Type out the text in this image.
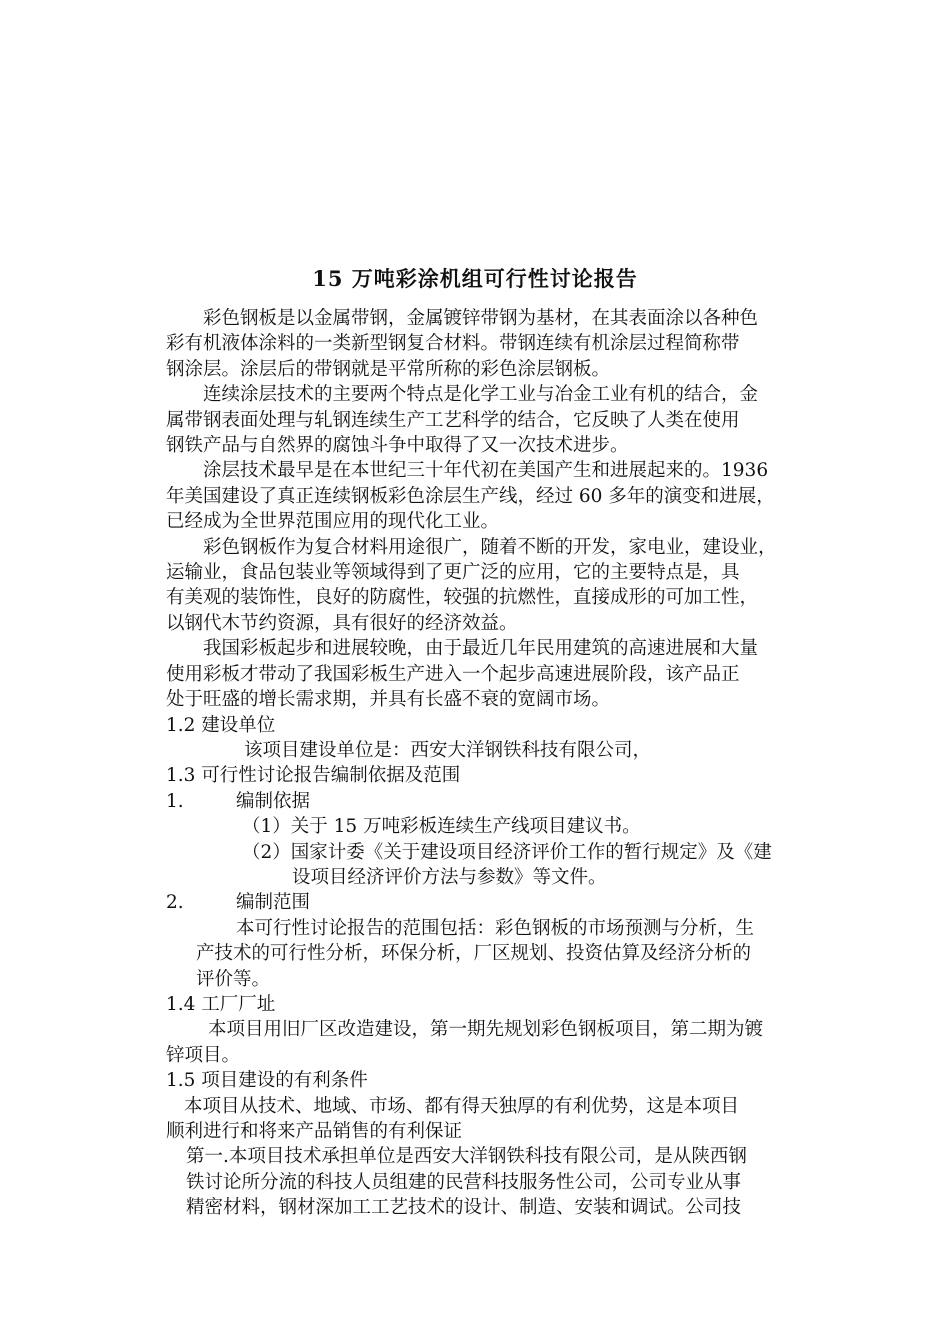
15 万吨彩涂机组可行性讨论报告
彩色钢板是以金属带钢，金属镀锌带钢为基材，在其表面涂以各种色
彩有机液体涂料的一类新型钢复合材料。带钢连续有机涂层过程简称带
钢涂层。涂层后的带钢就是平常所称的彩色涂层钢板。
连续涂层技术的主要两个特点是化学工业与冶金工业有机的结合，金
属带钢表面处理与轧钢连续生产工艺科学的结合，它反映了人类在使用
钢铁产品与自然界的腐蚀斗争中取得了又一次技术进步。
涂层技术最早是在本世纪三十年代初在美国产生和进展起来的。1936
年美国建设了真正连续钢板彩色涂层生产线，经过 60 多年的演变和进展，
已经成为全世界范围应用的现代化工业。
彩色钢板作为复合材料用途很广，随着不断的开发，家电业，建设业，
运输业，食品包装业等领域得到了更广泛的应用，它的主要特点是，具
有美观的装饰性，良好的防腐性，较强的抗燃性，直接成形的可加工性，
以钢代木节约资源，具有很好的经济效益。
我国彩板起步和进展较晚，由于最近几年民用建筑的高速进展和大量
使用彩板才带动了我国彩板生产进入一个起步高速进展阶段，该产品正
处于旺盛的增长需求期，并具有长盛不衰的宽阔市场。
1.2 建设单位
该项目建设单位是：西安大洋钢铁科技有限公司，
1.3 可行性讨论报告编制依据及范围
1.	编制依据
（1）关于 15 万吨彩板连续生产线项目建议书。
（2）国家计委《关于建设项目经济评价工作的暂行规定》及《建
设项目经济评价方法与参数》等文件。
2.	编制范围
本可行性讨论报告的范围包括：彩色钢板的市场预测与分析，生
产技术的可行性分析，环保分析，厂区规划、投资估算及经济分析的
评价等。
1.4 工厂厂址
本项目用旧厂区改造建设，第一期先规划彩色钢板项目，第二期为镀
锌项目。
1.5 项目建设的有利条件
本项目从技术、地域、市场、都有得天独厚的有利优势，这是本项目
顺利进行和将来产品销售的有利保证
第一.本项目技术承担单位是西安大洋钢铁科技有限公司，是从陕西钢
铁讨论所分流的科技人员组建的民营科技服务性公司，公司专业从事
精密材料，钢材深加工工艺技术的设计、制造、安装和调试。公司技
